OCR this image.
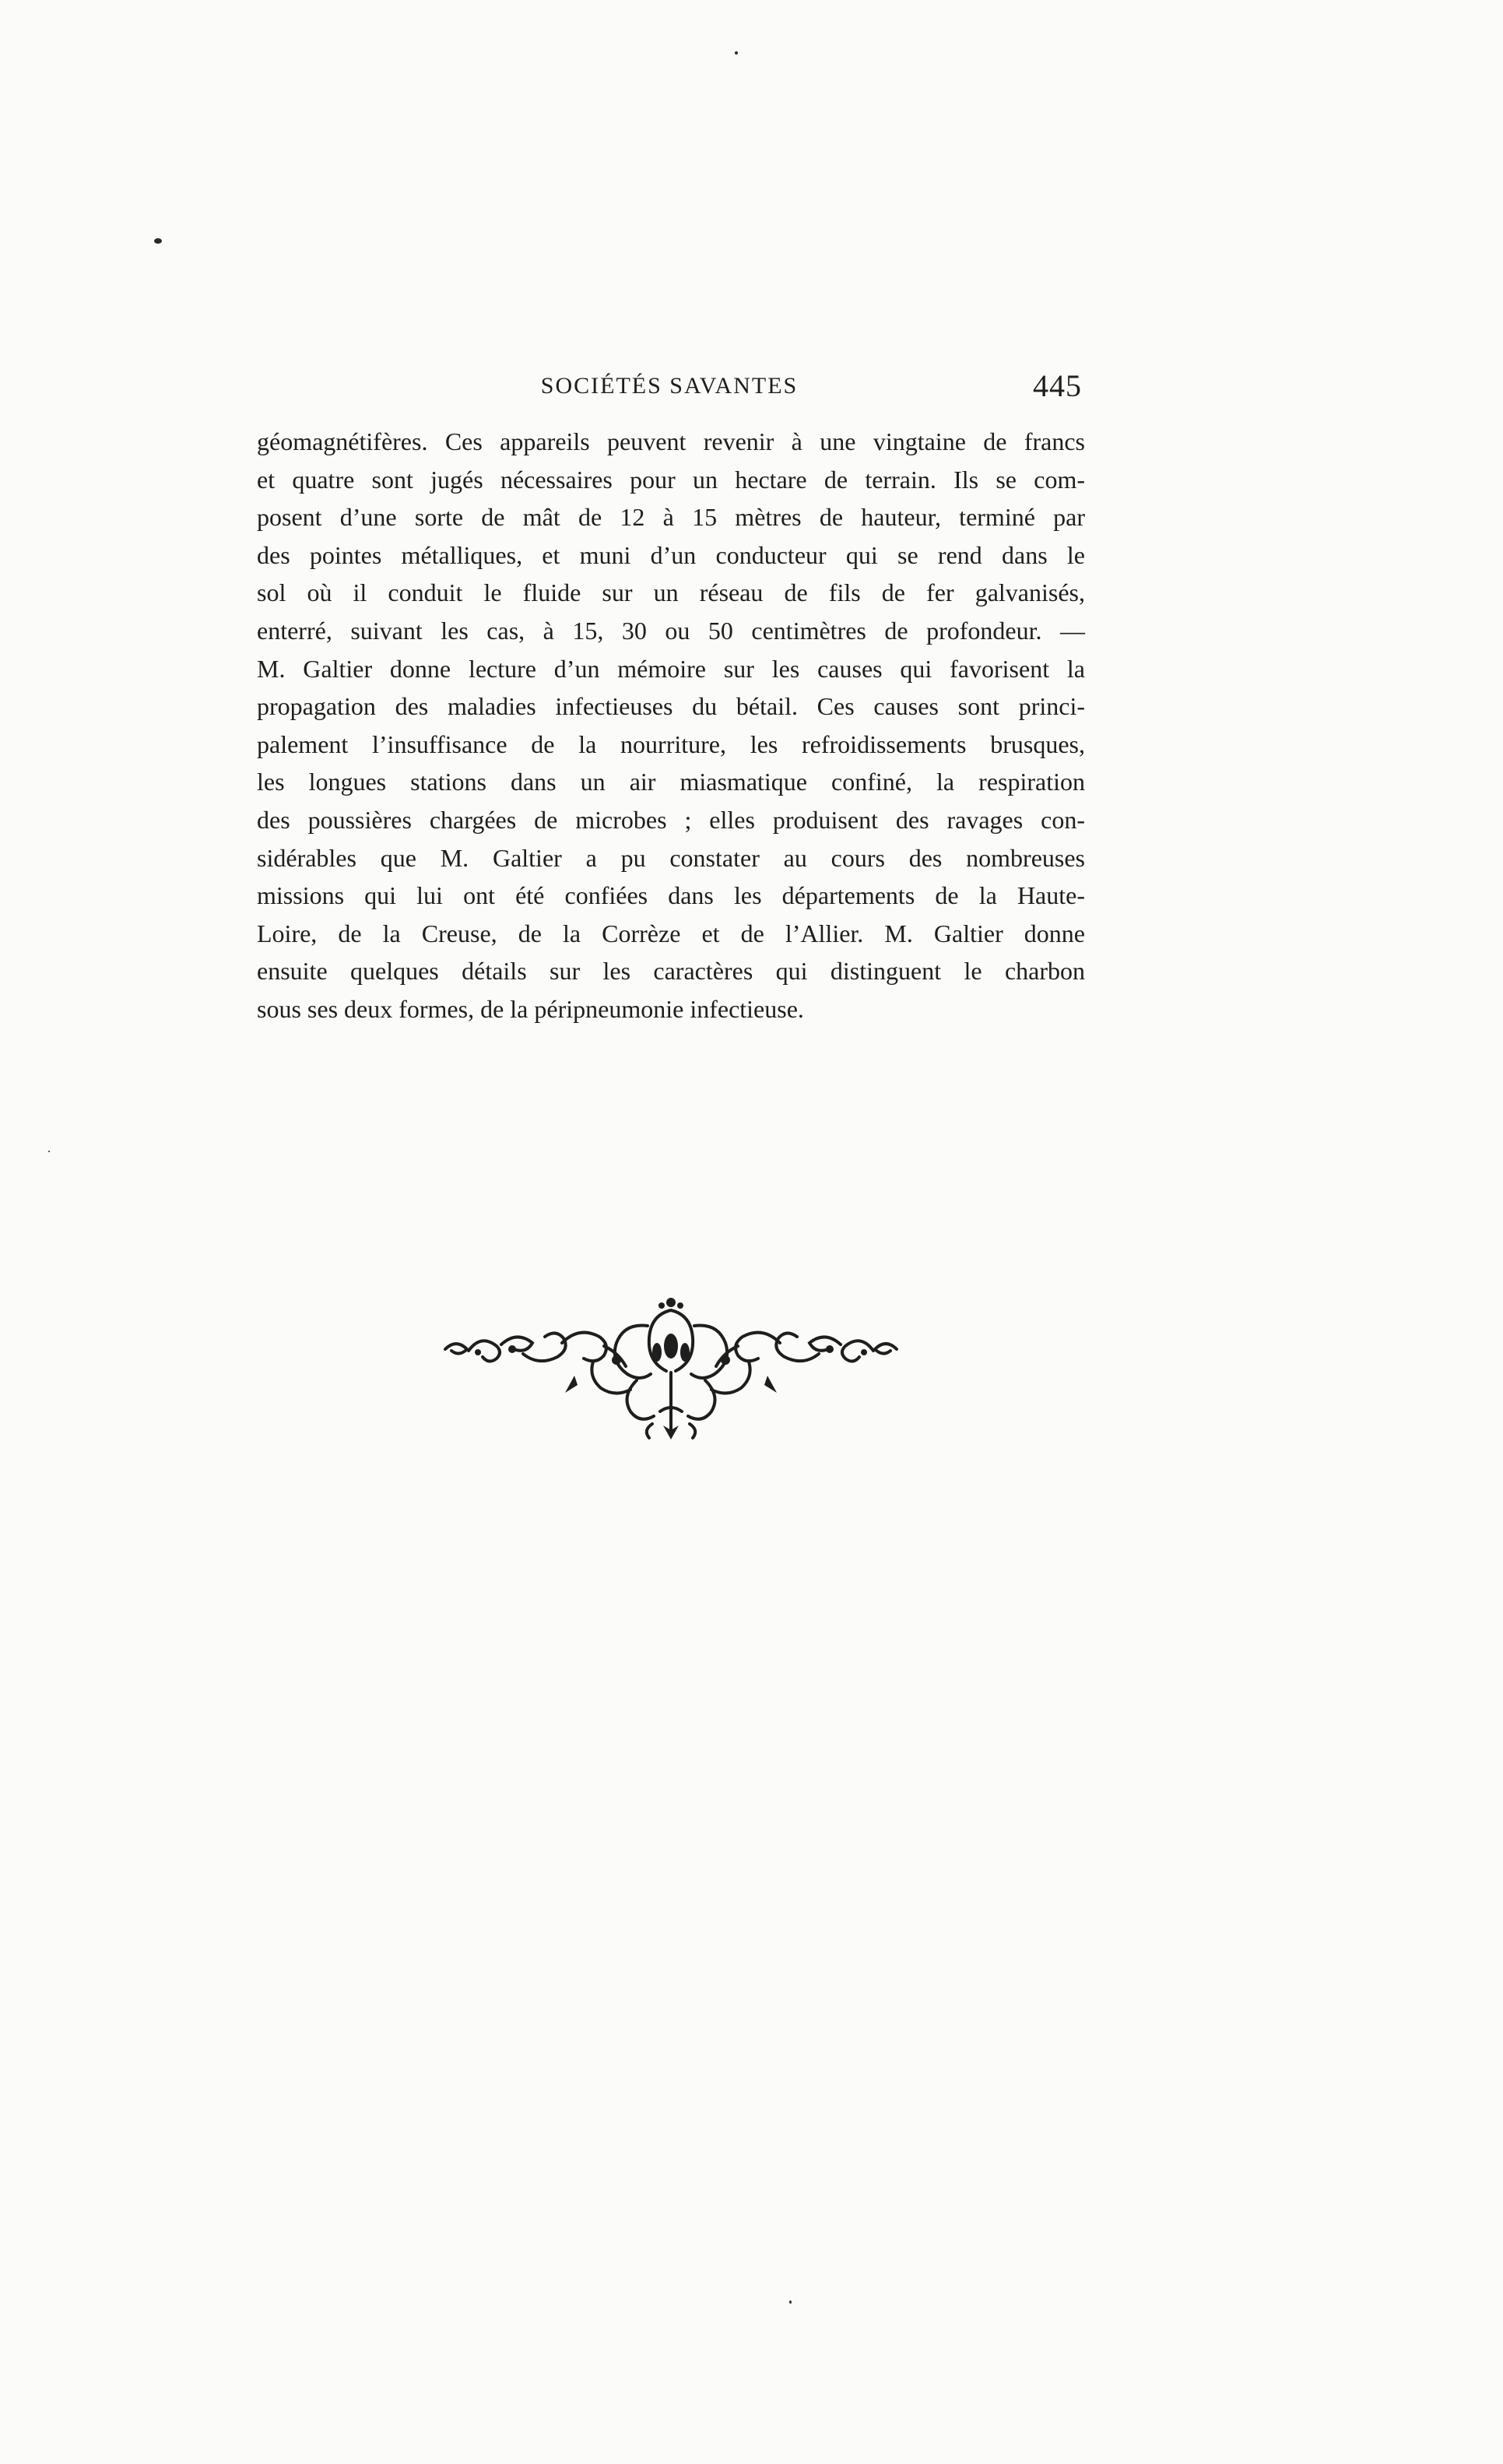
SOCIÉTÉS SAVANTES	445
géomagnétifères. Ces appareils peuvent revenir à une vingtaine de francs
et quatre sont jugés nécessaires pour un hectare de terrain. Ils se com-
posent d’une sorte de mât de 12 à 15 mètres de hauteur, terminé par
des pointes métalliques, et muni d’un conducteur qui se rend dans le
sol où il conduit le fluide sur un réseau de fils de fer galvanisés,
enterré, suivant les cas, à 15, 30 ou 50 centimètres de profondeur. —
M. Galtier donne lecture d’un mémoire sur les causes qui favorisent la
propagation des maladies infectieuses du bétail. Ces causes sont princi-
palement l’insuffisance de la nourriture, les refroidissements brusques,
les longues stations dans un air miasmatique confiné, la respiration
des poussières chargées de microbes ; elles produisent des ravages con-
sidérables que M. Galtier a pu constater au cours des nombreuses
missions qui lui ont été confiées dans les départements de la Haute-
Loire, de la Creuse, de la Corrèze et de l’Allier. M. Galtier donne
ensuite quelques détails sur les caractères qui distinguent le charbon
sous ses deux formes, de la péripneumonie infectieuse.
